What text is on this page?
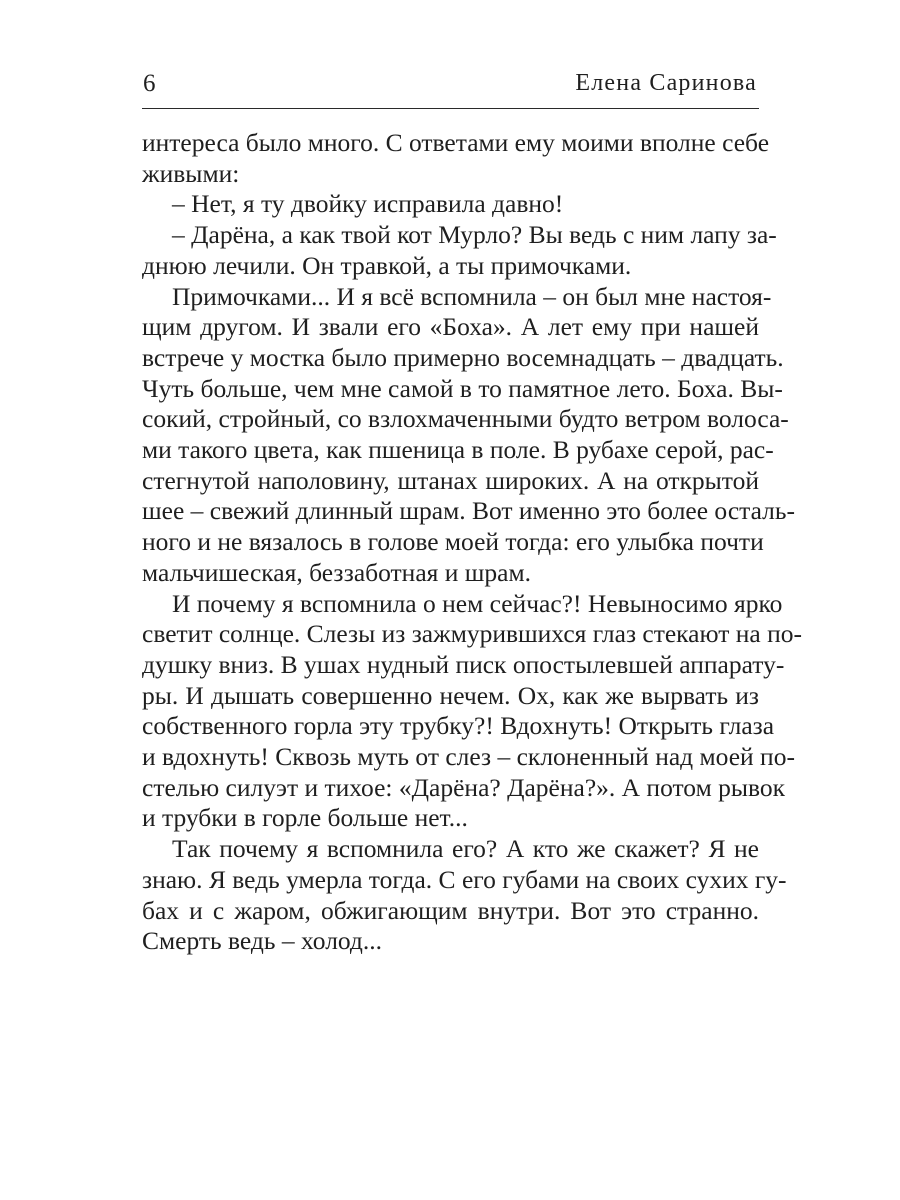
6	Елена Саринова
интереса было много. С ответами ему моими вполне себе
живыми:
– Нет, я ту двойку исправила давно!
– Дарёна, а как твой кот Мурло? Вы ведь с ним лапу за-
днюю лечили. Он травкой, а ты примочками.
Примочками... И я всё вспомнила – он был мне настоя-
щим другом. И звали его «Боха». А лет ему при нашей
встрече у мостка было примерно восемнадцать – двадцать.
Чуть больше, чем мне самой в то памятное лето. Боха. Вы-
сокий, стройный, со взлохмаченными будто ветром волоса-
ми такого цвета, как пшеница в поле. В рубахе серой, рас-
стегнутой наполовину, штанах широких. А на открытой
шее – свежий длинный шрам. Вот именно это более осталь-
ного и не вязалось в голове моей тогда: его улыбка почти
мальчишеская, беззаботная и шрам.
И почему я вспомнила о нем сейчас?! Невыносимо ярко
светит солнце. Слезы из зажмурившихся глаз стекают на по-
душку вниз. В ушах нудный писк опостылевшей аппарату-
ры. И дышать совершенно нечем. Ох, как же вырвать из
собственного горла эту трубку?! Вдохнуть! Открыть глаза
и вдохнуть! Сквозь муть от слез – склоненный над моей по-
стелью силуэт и тихое: «Дарёна? Дарёна?». А потом рывок
и трубки в горле больше нет...
Так почему я вспомнила его? А кто же скажет? Я не
знаю. Я ведь умерла тогда. С его губами на своих сухих гу-
бах и с жаром, обжигающим внутри. Вот это странно.
Смерть ведь – холод...
